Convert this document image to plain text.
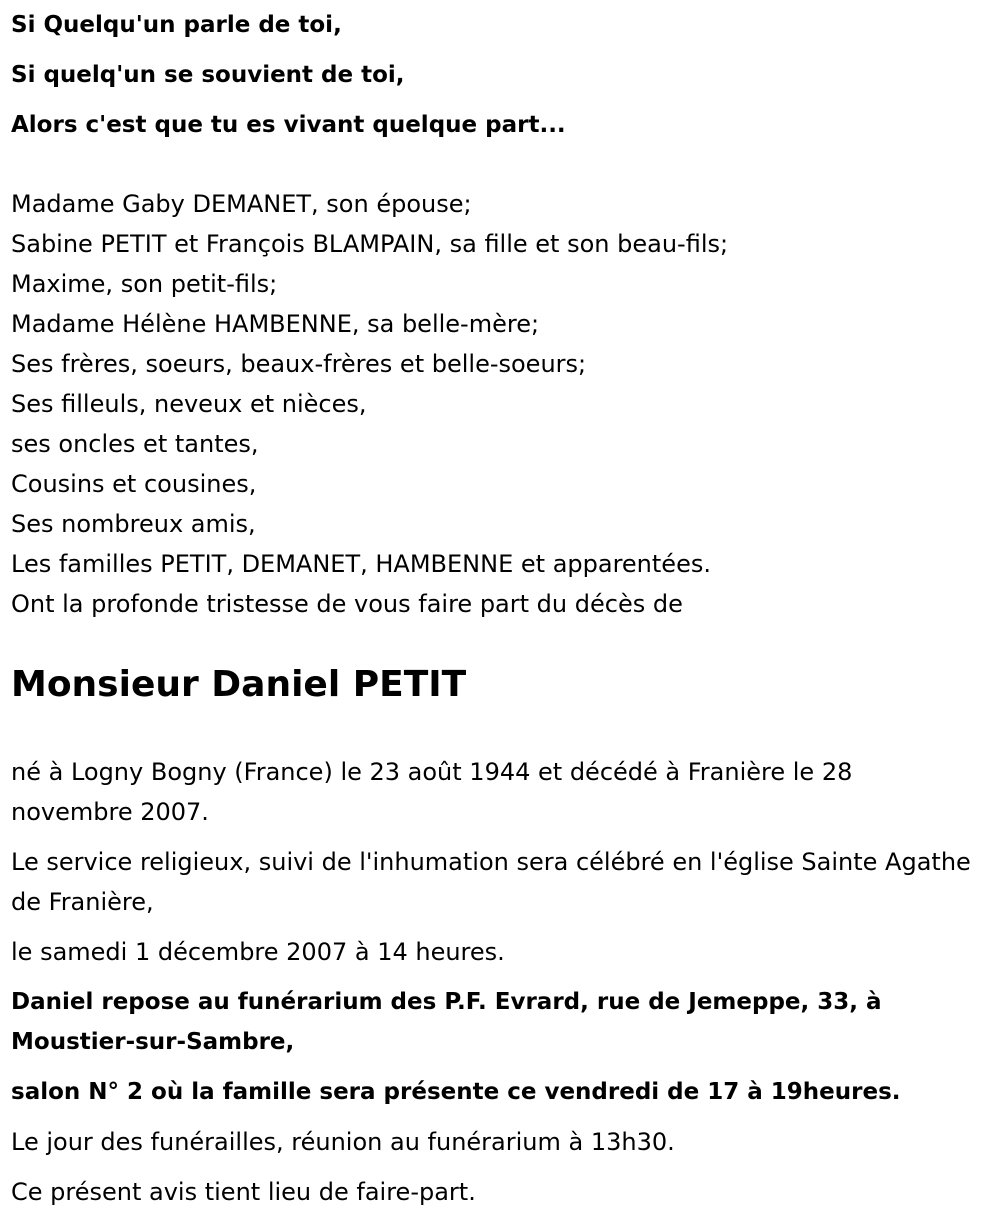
Si Quelqu'un parle de toi,

Si quelq'un se souvient de toi,

Alors c'est que tu es vivant quelque part...

Madame Gaby DEMANET, son épouse;

Sabine PETIT et François BLAMPAIN, sa fille et son beau-fils;

Maxime, son petit-fils;

Madame Hélène HAMBENNE, sa belle-mère;

Ses frères, soeurs, beaux-frères et belle-soeurs;

Ses filleuls, neveux et nièces,

ses oncles et tantes,

Cousins et cousines,

Ses nombreux amis,

Les familles PETIT, DEMANET, HAMBENNE et apparentées.

Ont la profonde tristesse de vous faire part du décès de

Monsieur Daniel PETIT

né à Logny Bogny (France) le 23 août 1944 et décédé à Franière le 28 novembre 2007.

Le service religieux, suivi de l'inhumation sera célébré en l'église Sainte Agathe de Franière,

le samedi 1 décembre 2007 à 14 heures.

Daniel repose au funérarium des P.F. Evrard, rue de Jemeppe, 33, à Moustier-sur-Sambre,

salon N° 2 où la famille sera présente ce vendredi de 17 à 19heures.

Le jour des funérailles, réunion au funérarium à 13h30.

Ce présent avis tient lieu de faire-part.
